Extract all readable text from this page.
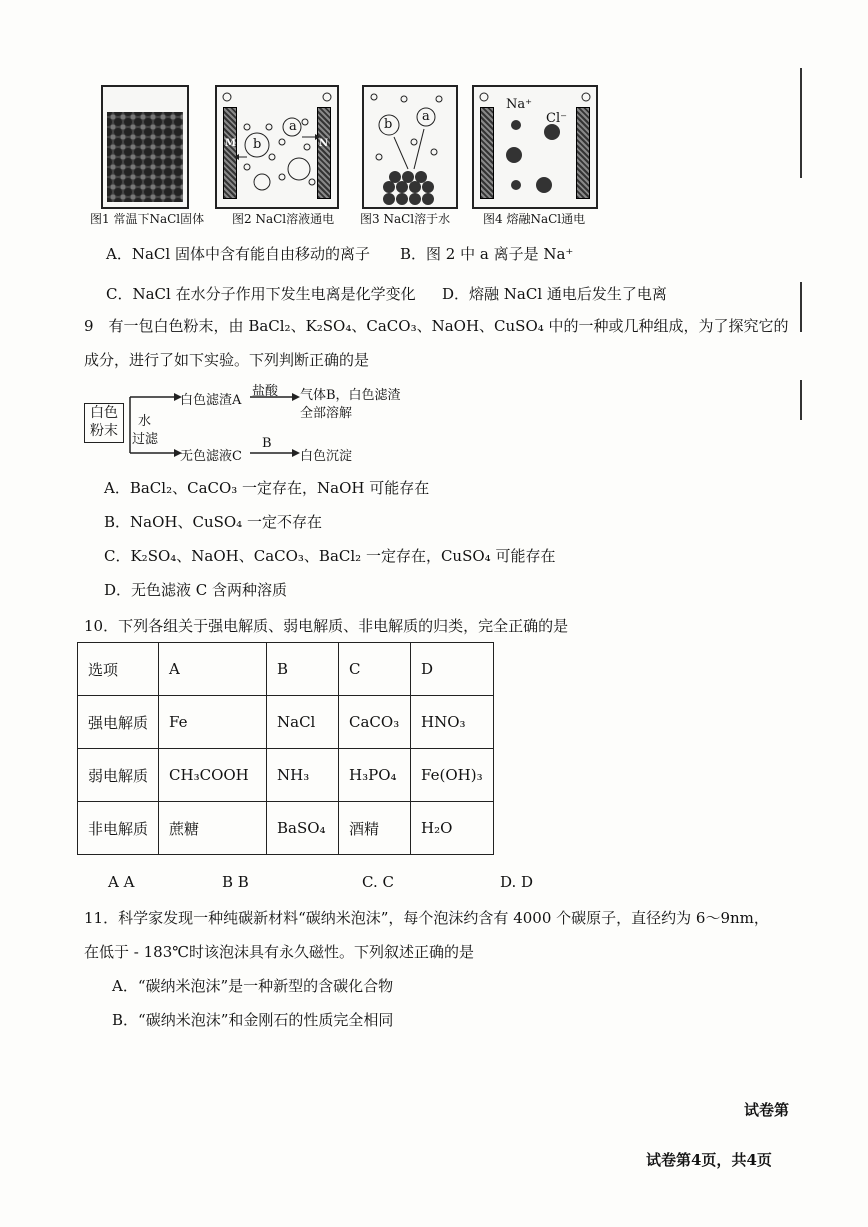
图1 常温下NaCl固体
M	N
b
a
图2 NaCl溶液通电
b
a
图3 NaCl溶于水
Na⁺
Cl⁻
图4 熔融NaCl通电
A．NaCl 固体中含有能自由移动的离子 B．图 2 中 a 离子是 Na⁺
C．NaCl 在水分子作用下发生电离是化学变化 D．熔融 NaCl 通电后发生了电离
9　有一包白色粉末，由 BaCl₂、K₂SO₄、CaCO₃、NaOH、CuSO₄ 中的一种或几种组成，为了探究它的
成分，进行了如下实验。下列判断正确的是
白色
粉末
水
过滤
白色滤渣A
盐酸 气体B，白色滤渣
全部溶解
无色滤液C
B
白色沉淀
A．BaCl₂、CaCO₃ 一定存在，NaOH 可能存在
B．NaOH、CuSO₄ 一定不存在
C．K₂SO₄、NaOH、CaCO₃、BaCl₂ 一定存在，CuSO₄ 可能存在
D．无色滤液 C 含两种溶质
10．下列各组关于强电解质、弱电解质、非电解质的归类，完全正确的是
选项	A	B	C	D
强电解质	Fe	NaCl	CaCO₃	HNO₃
弱电解质	CH₃COOH	NH₃	H₃PO₄	Fe(OH)₃
非电解质	蔗糖	BaSO₄	酒精	H₂O
A A	B B	C. C	D. D
11．科学家发现一种纯碳新材料“碳纳米泡沫”，每个泡沫约含有 4000 个碳原子，直径约为 6～9nm，
在低于 - 183℃时该泡沫具有永久磁性。下列叙述正确的是
A．“碳纳米泡沫”是一种新型的含碳化合物
B．“碳纳米泡沫”和金刚石的性质完全相同
试卷第
试卷第4页，共4页
